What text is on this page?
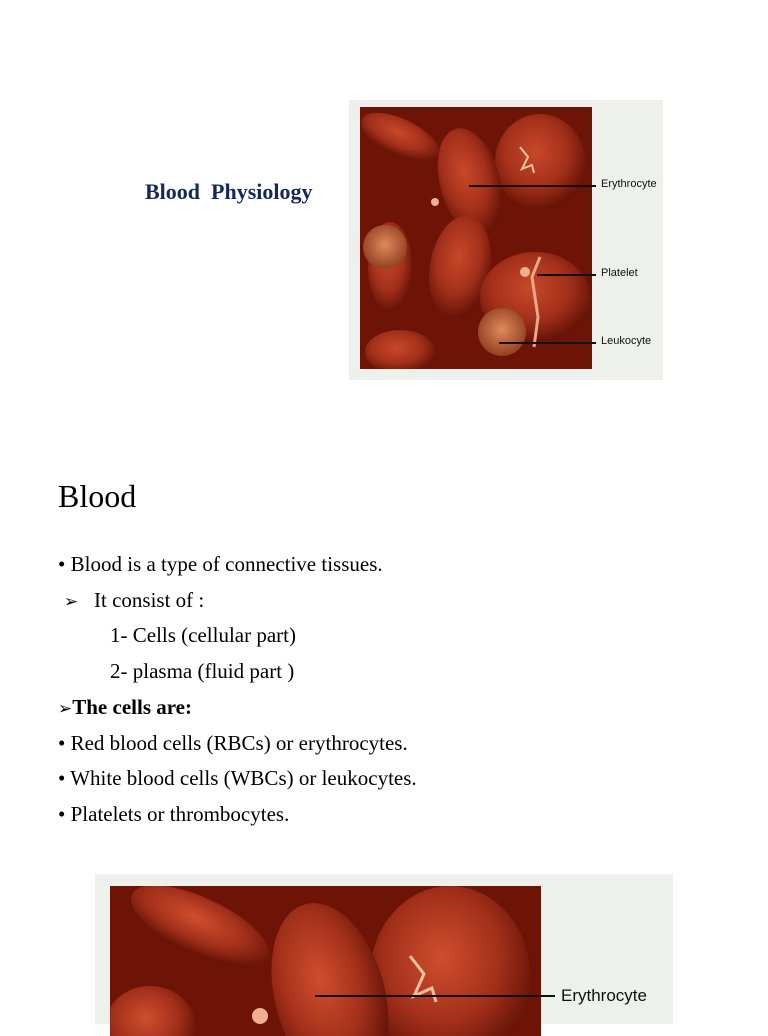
Blood  Physiology	Erythrocyte
Platelet
Leukocyte
Blood
• Blood is a type of connective tissues.
➢ It consist of :
1- Cells (cellular part)
2- plasma (fluid part )
➢The cells are:
• Red blood cells (RBCs) or erythrocytes.
• White blood cells (WBCs) or leukocytes.
• Platelets or thrombocytes.
Erythrocyte
